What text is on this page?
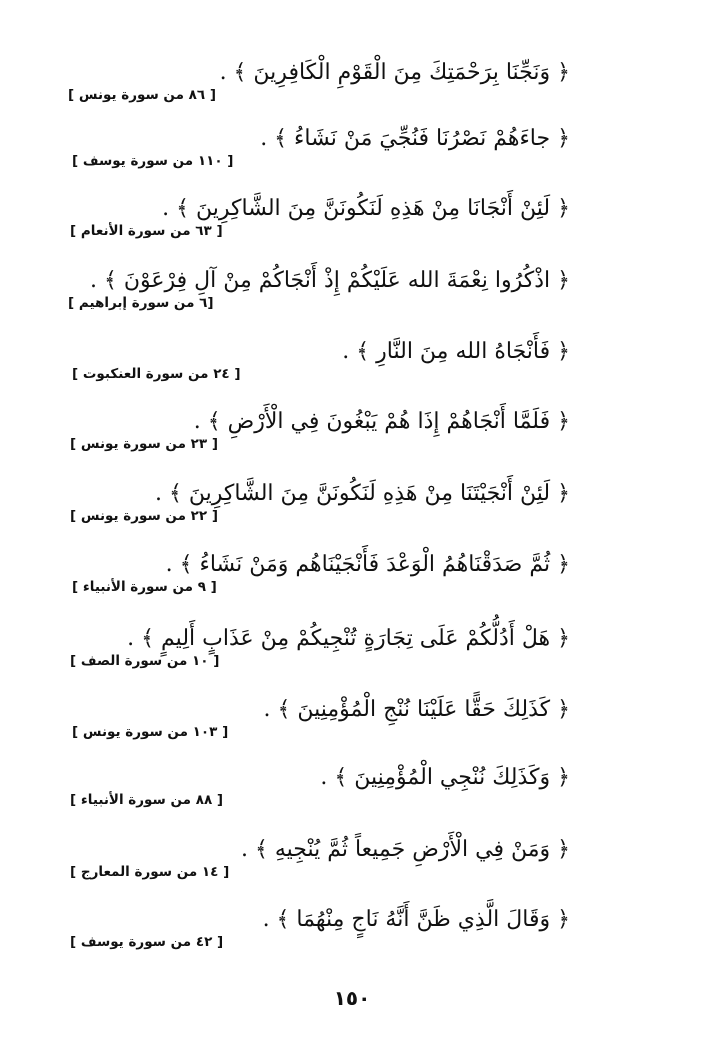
﴿ وَنَجِّنَا بِرَحْمَتِكَ مِنَ الْقَوْمِ الْكَافِرِينَ ﴾ .
[ ٨٦ من سورة يونس ]
﴿ جاءَهُمْ نَصْرُنَا فَنُجِّيَ مَنْ نَشَاءُ ﴾ .
[ ١١٠ من سورة يوسف ]
﴿ لَئِنْ أَنْجَانَا مِنْ هَذِهِ لَنَكُونَنَّ مِنَ الشَّاكِرِينَ ﴾ .
[ ٦٣ من سورة الأنعام ]
﴿ اذْكُرُوا نِعْمَةَ الله عَلَيْكُمْ إِذْ أَنْجَاكُمْ مِنْ آلِ فِرْعَوْنَ ﴾ .
[٦ من سورة إبراهيم ]
﴿ فَأَنْجَاهُ الله مِنَ النَّارِ ﴾ .
[ ٢٤ من سورة العنكبوت ]
﴿ فَلَمَّا أَنْجَاهُمْ إِذَا هُمْ يَبْغُونَ فِي الْأَرْضِ ﴾ .
[ ٢٣ من سورة يونس ]
﴿ لَئِنْ أَنْجَيْتَنَا مِنْ هَذِهِ لَنَكُونَنَّ مِنَ الشَّاكِرِينَ ﴾ .
[ ٢٢ من سورة يونس ]
﴿ ثُمَّ صَدَقْنَاهُمُ الْوَعْدَ فَأَنْجَيْنَاهُم وَمَنْ نَشَاءُ ﴾ .
[ ٩ من سورة الأنبياء ]
﴿ هَلْ أَدُلُّكُمْ عَلَى تِجَارَةٍ تُنْجِيكُمْ مِنْ عَذَابٍ أَلِيمٍ ﴾ .
[ ١٠ من سورة الصف ]
﴿ كَذَلِكَ حَقًّا عَلَيْنَا نُنْجِ الْمُؤْمِنِينَ ﴾ .
[ ١٠٣ من سورة يونس ]
﴿ وَكَذَلِكَ نُنْجِي الْمُؤْمِنِينَ ﴾ .
[ ٨٨ من سورة الأنبياء ]
﴿ وَمَنْ فِي الْأَرْضِ جَمِيعاً ثُمَّ يُنْجِيهِ ﴾ .
[ ١٤ من سورة المعارج ]
﴿ وَقَالَ الَّذِي ظَنَّ أَنَّهُ نَاجٍ مِنْهُمَا ﴾ .
[ ٤٢ من سورة يوسف ]
١٥٠
